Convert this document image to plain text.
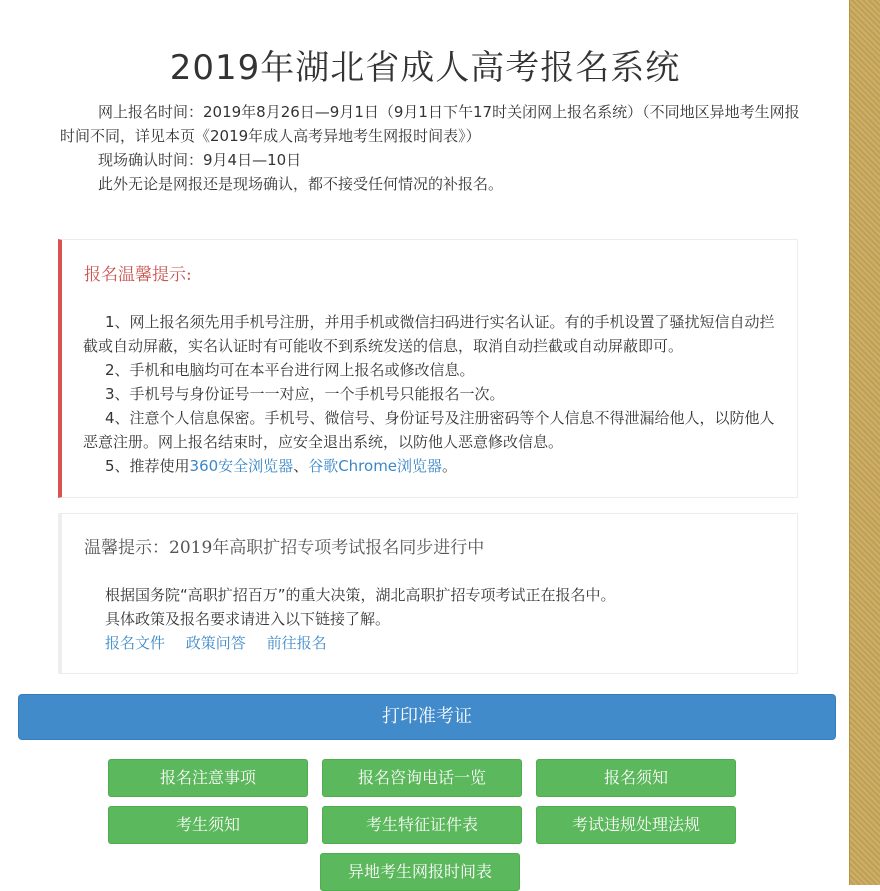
2019年湖北省成人高考报名系统

网上报名时间：2019年8月26日—9月1日（9月1日下午17时关闭网上报名系统）（不同地区异地考生网报时间不同，详见本页《2019年成人高考异地考生网报时间表》）

现场确认时间：9月4日—10日

此外无论是网报还是现场确认，都不接受任何情况的补报名。

报名温馨提示:

1、网上报名须先用手机号注册，并用手机或微信扫码进行实名认证。有的手机设置了骚扰短信自动拦截或自动屏蔽，实名认证时有可能收不到系统发送的信息，取消自动拦截或自动屏蔽即可。

2、手机和电脑均可在本平台进行网上报名或修改信息。

3、手机号与身份证号一一对应，一个手机号只能报名一次。

4、注意个人信息保密。手机号、微信号、身份证号及注册密码等个人信息不得泄漏给他人，以防他人恶意注册。网上报名结束时，应安全退出系统，以防他人恶意修改信息。

5、推荐使用360安全浏览器、谷歌Chrome浏览器。

温馨提示：2019年高职扩招专项考试报名同步进行中

根据国务院“高职扩招百万”的重大决策，湖北高职扩招专项考试正在报名中。

具体政策及报名要求请进入以下链接了解。

报名文件 政策问答 前往报名
打印准考证
报名注意事项	报名咨询电话一览	报名须知
考生须知	考生特征证件表	考试违规处理法规
异地考生网报时间表
